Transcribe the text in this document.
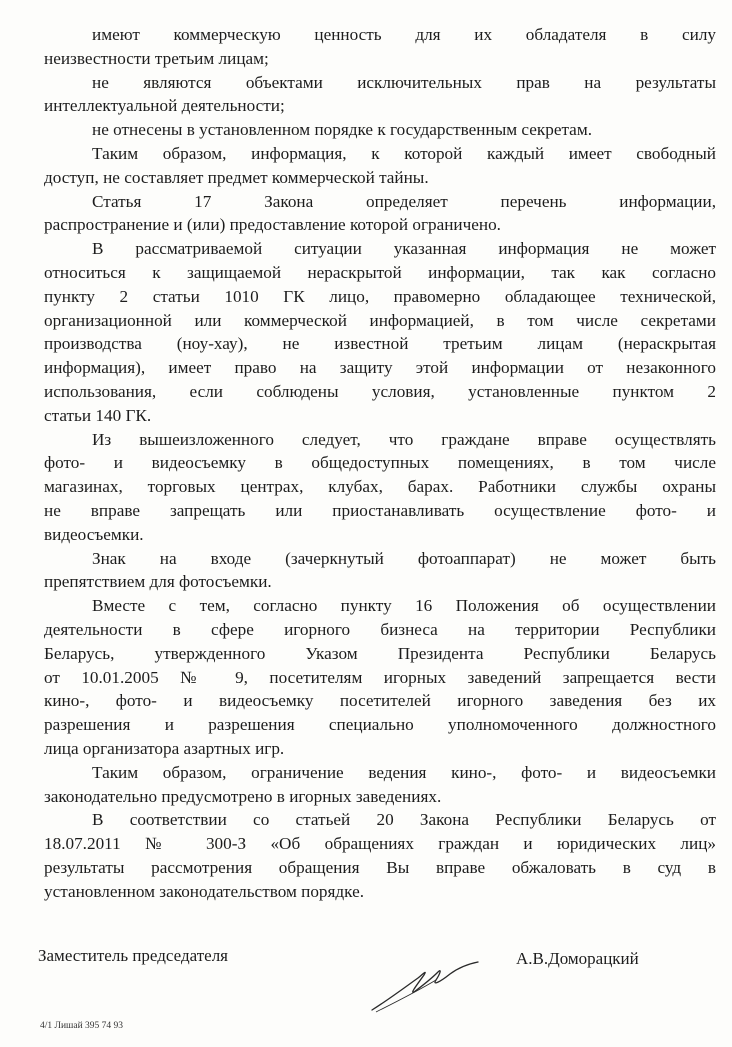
имеют коммерческую ценность для их обладателя в силу
неизвестности третьим лицам;
не являются объектами исключительных прав на результаты
интеллектуальной деятельности;
не отнесены в установленном порядке к государственным секретам.
Таким образом, информация, к которой каждый имеет свободный
доступ, не составляет предмет коммерческой тайны.
Статья 17 Закона определяет перечень информации,
распространение и (или) предоставление которой ограничено.
В рассматриваемой ситуации указанная информация не может
относиться к защищаемой нераскрытой информации, так как согласно
пункту 2 статьи 1010 ГК лицо, правомерно обладающее технической,
организационной или коммерческой информацией, в том числе секретами
производства (ноу-хау), не известной третьим лицам (нераскрытая
информация), имеет право на защиту этой информации от незаконного
использования, если соблюдены условия, установленные пунктом 2
статьи 140 ГК.
Из вышеизложенного следует, что граждане вправе осуществлять
фото- и видеосъемку в общедоступных помещениях, в том числе
магазинах, торговых центрах, клубах, барах. Работники службы охраны
не вправе запрещать или приостанавливать осуществление фото- и
видеосъемки.
Знак на входе (зачеркнутый фотоаппарат) не может быть
препятствием для фотосъемки.
Вместе с тем, согласно пункту 16 Положения об осуществлении
деятельности в сфере игорного бизнеса на территории Республики
Беларусь, утвержденного Указом Президента Республики Беларусь
от 10.01.2005 № 9, посетителям игорных заведений запрещается вести
кино-, фото- и видеосъемку посетителей игорного заведения без их
разрешения и разрешения специально уполномоченного должностного
лица организатора азартных игр.
Таким образом, ограничение ведения кино-, фото- и видеосъемки
законодательно предусмотрено в игорных заведениях.
В соответствии со статьей 20 Закона Республики Беларусь от
18.07.2011 № 300-З «Об обращениях граждан и юридических лиц»
результаты рассмотрения обращения Вы вправе обжаловать в суд в
установленном законодательством порядке.
Заместитель председателя	А.В.Доморацкий
4/1 Лишай 395 74 93
